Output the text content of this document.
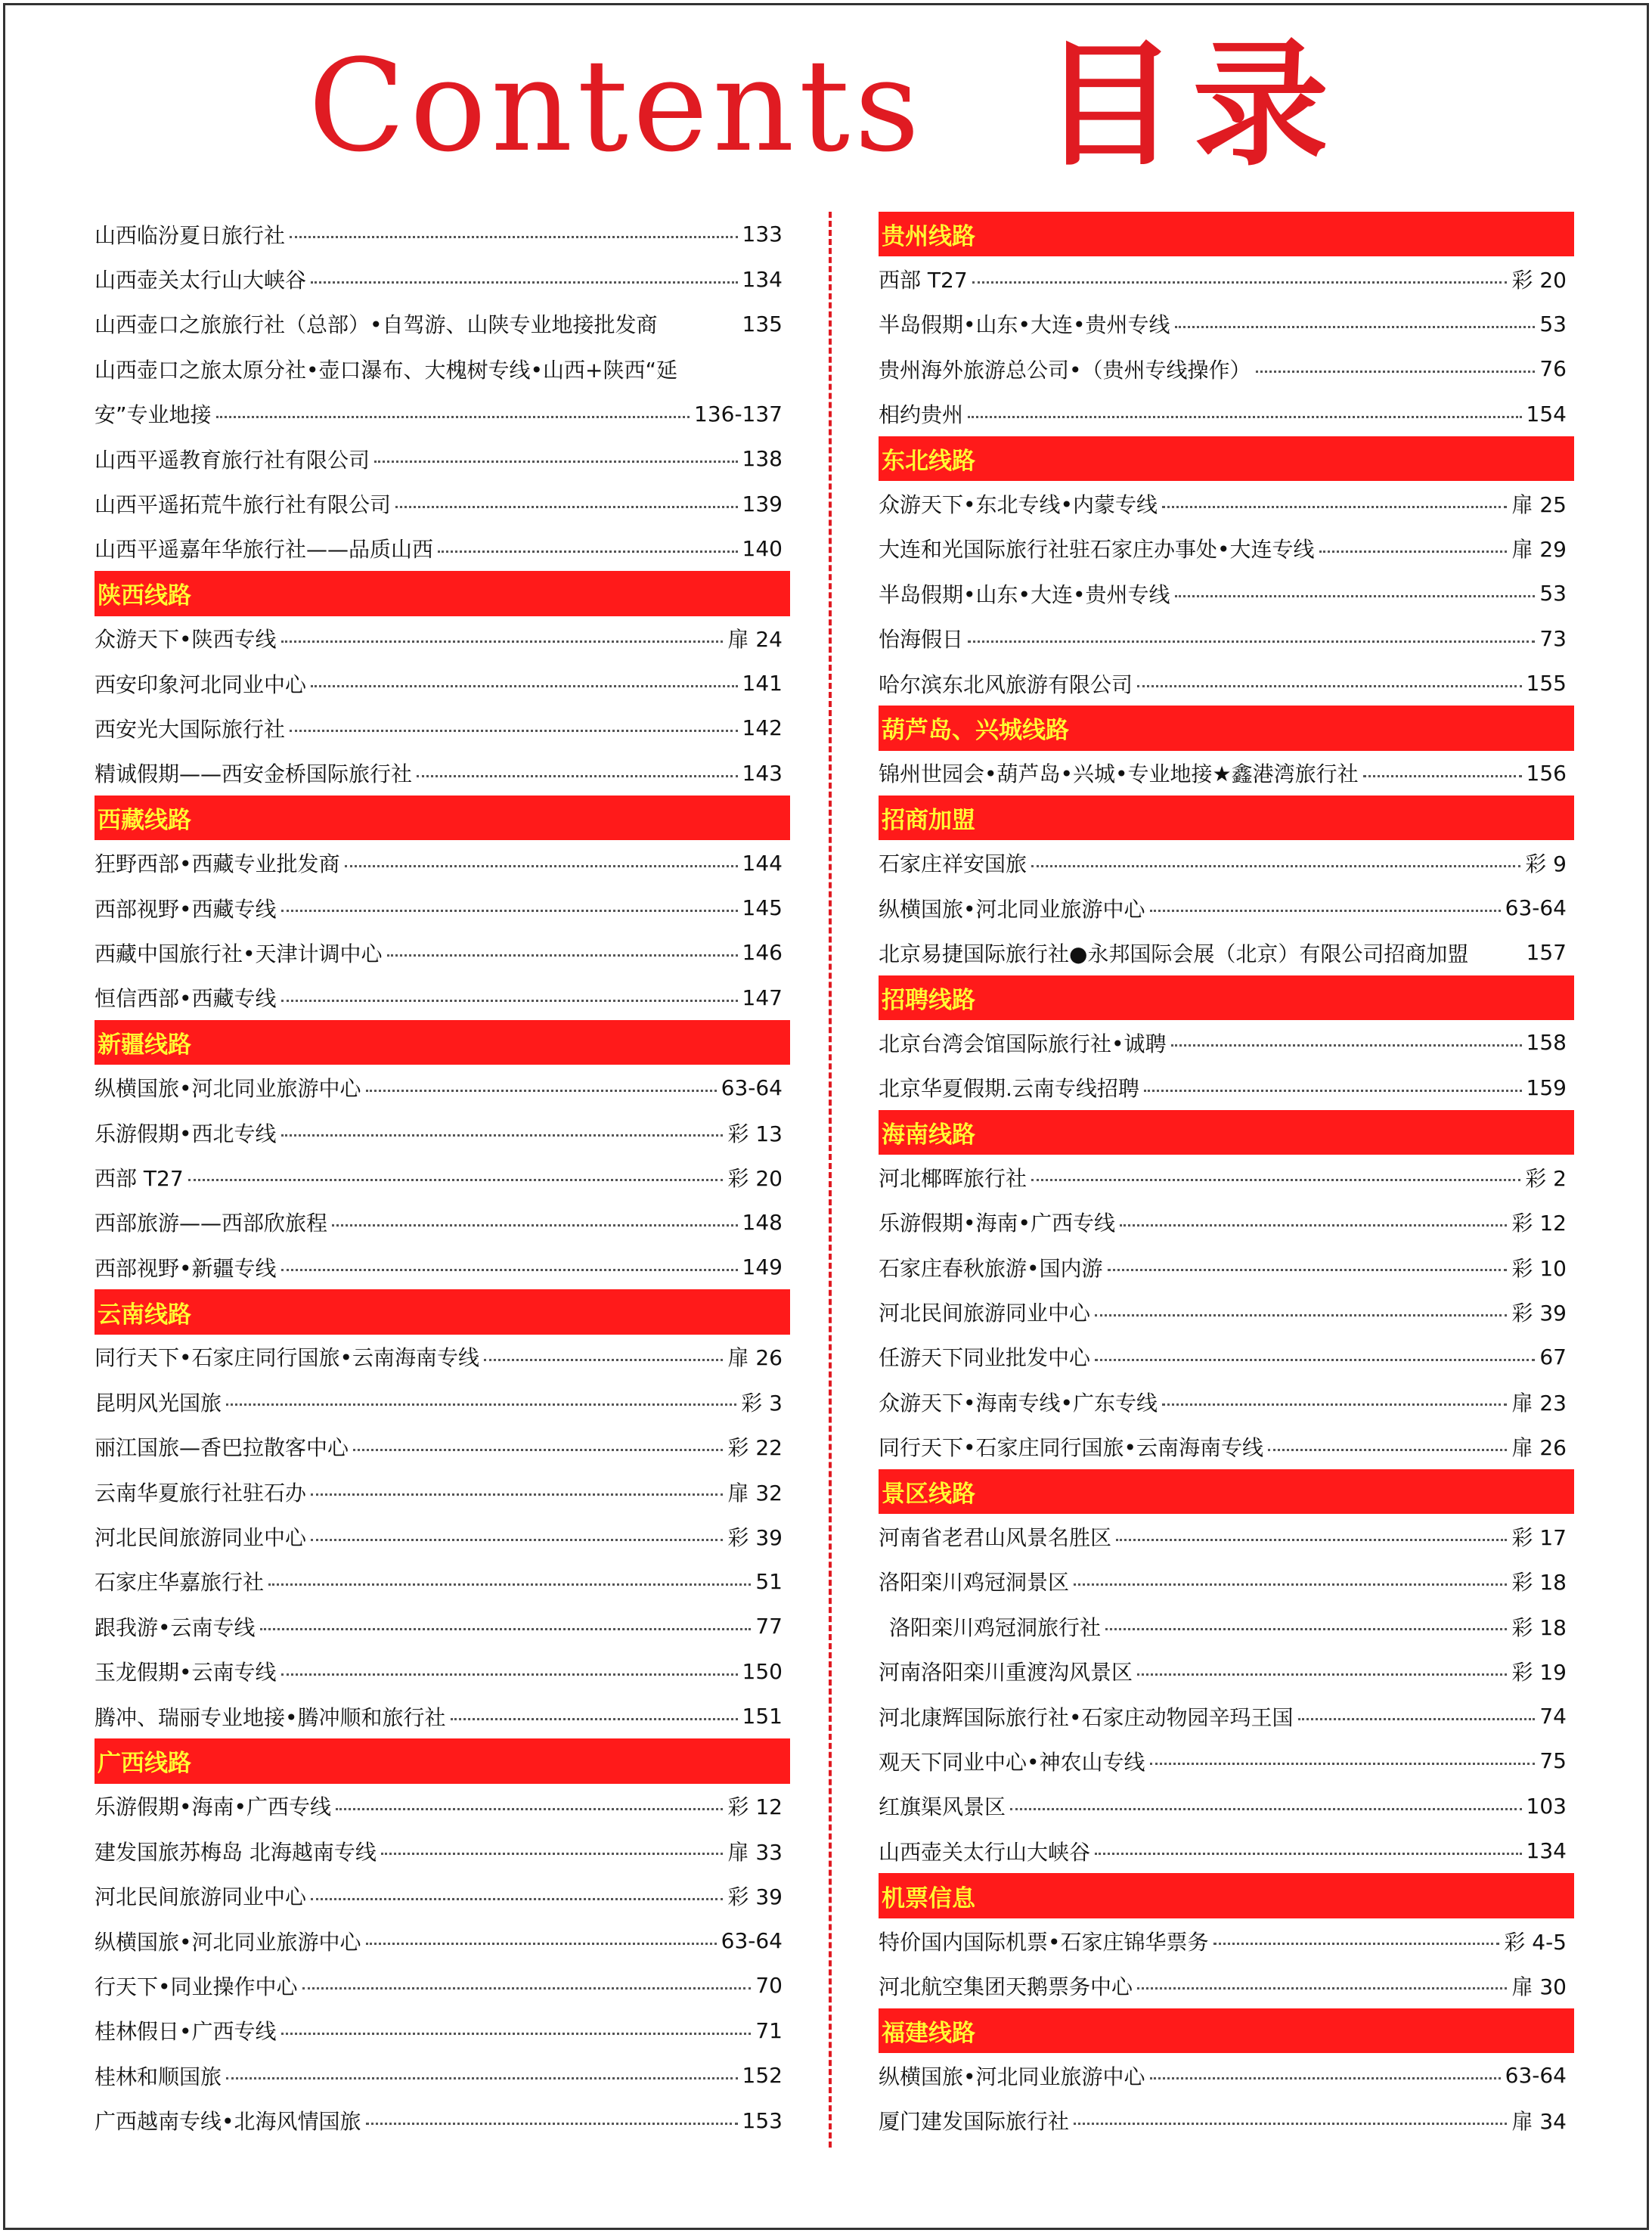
Contents 目录
山西临汾夏日旅行社	133
山西壶关太行山大峡谷	134
山西壶口之旅旅行社（总部）•自驾游、山陕专业地接批发商	135
山西壶口之旅太原分社•壶口瀑布、大槐树专线•山西+陕西“延
安”专业地接	136-137
山西平遥教育旅行社有限公司	138
山西平遥拓荒牛旅行社有限公司	139
山西平遥嘉年华旅行社——品质山西	140
陕西线路
众游天下•陕西专线	扉 24
西安印象河北同业中心	141
西安光大国际旅行社	142
精诚假期——西安金桥国际旅行社	143
西藏线路
狂野西部•西藏专业批发商	144
西部视野•西藏专线	145
西藏中国旅行社•天津计调中心	146
恒信西部•西藏专线	147
新疆线路
纵横国旅•河北同业旅游中心	63-64
乐游假期•西北专线	彩 13
西部 T27	彩 20
西部旅游——西部欣旅程	148
西部视野•新疆专线	149
云南线路
同行天下•石家庄同行国旅•云南海南专线	扉 26
昆明风光国旅	彩 3
丽江国旅—香巴拉散客中心	彩 22
云南华夏旅行社驻石办	扉 32
河北民间旅游同业中心	彩 39
石家庄华嘉旅行社	51
跟我游•云南专线	77
玉龙假期•云南专线	150
腾冲、瑞丽专业地接•腾冲顺和旅行社	151
广西线路
乐游假期•海南•广西专线	彩 12
建发国旅苏梅岛 北海越南专线	扉 33
河北民间旅游同业中心	彩 39
纵横国旅•河北同业旅游中心	63-64
行天下•同业操作中心	70
桂林假日•广西专线	71
桂林和顺国旅	152
广西越南专线•北海风情国旅	153
贵州线路
西部 T27	彩 20
半岛假期•山东•大连•贵州专线	53
贵州海外旅游总公司•（贵州专线操作）	76
相约贵州	154
东北线路
众游天下•东北专线•内蒙专线	扉 25
大连和光国际旅行社驻石家庄办事处•大连专线	扉 29
半岛假期•山东•大连•贵州专线	53
怡海假日	73
哈尔滨东北风旅游有限公司	155
葫芦岛、兴城线路
锦州世园会•葫芦岛•兴城•专业地接★鑫港湾旅行社	156
招商加盟
石家庄祥安国旅	彩 9
纵横国旅•河北同业旅游中心	63-64
北京易捷国际旅行社●永邦国际会展（北京）有限公司招商加盟	157
招聘线路
北京台湾会馆国际旅行社•诚聘	158
北京华夏假期.云南专线招聘	159
海南线路
河北椰晖旅行社	彩 2
乐游假期•海南•广西专线	彩 12
石家庄春秋旅游•国内游	彩 10
河北民间旅游同业中心	彩 39
任游天下同业批发中心	67
众游天下•海南专线•广东专线	扉 23
同行天下•石家庄同行国旅•云南海南专线	扉 26
景区线路
河南省老君山风景名胜区	彩 17
洛阳栾川鸡冠洞景区	彩 18
洛阳栾川鸡冠洞旅行社	彩 18
河南洛阳栾川重渡沟风景区	彩 19
河北康辉国际旅行社•石家庄动物园辛玛王国	74
观天下同业中心•神农山专线	75
红旗渠风景区	103
山西壶关太行山大峡谷	134
机票信息
特价国内国际机票•石家庄锦华票务	彩 4-5
河北航空集团天鹅票务中心	扉 30
福建线路
纵横国旅•河北同业旅游中心	63-64
厦门建发国际旅行社	扉 34
